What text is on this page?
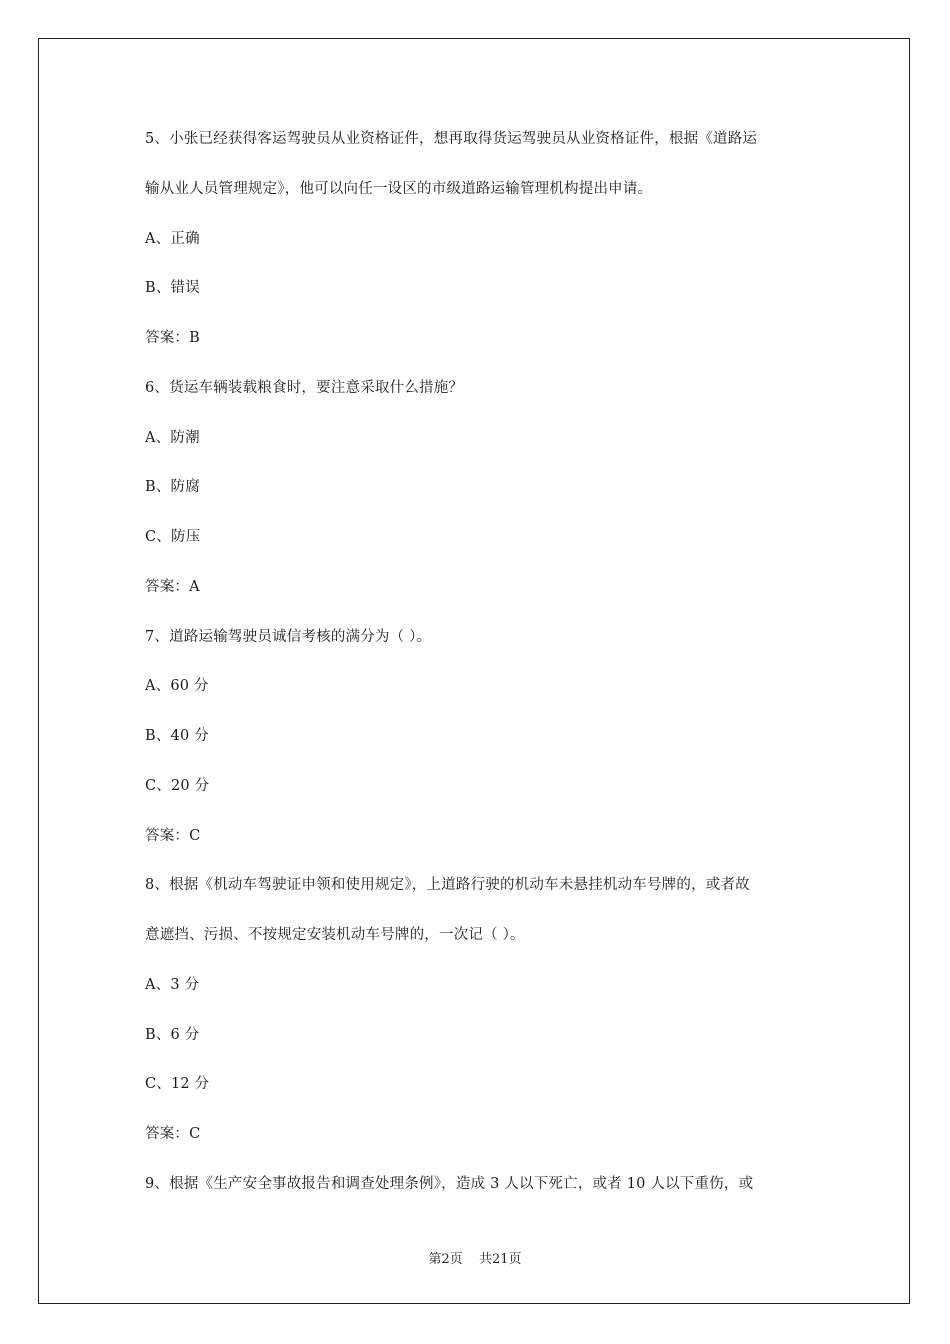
5、小张已经获得客运驾驶员从业资格证件，想再取得货运驾驶员从业资格证件，根据《道路运
输从业人员管理规定》，他可以向任一设区的市级道路运输管理机构提出申请。
A、正确
B、错误
答案：B
6、货运车辆装载粮食时，要注意采取什么措施？
A、防潮
B、防腐
C、防压
答案：A
7、道路运输驾驶员诚信考核的满分为（ ）。
A、60 分
B、40 分
C、20 分
答案：C
8、根据《机动车驾驶证申领和使用规定》，上道路行驶的机动车未悬挂机动车号牌的，或者故
意遮挡、污损、不按规定安装机动车号牌的，一次记（ ）。
A、3 分
B、6 分
C、12 分
答案：C
9、根据《生产安全事故报告和调查处理条例》，造成 3 人以下死亡，或者 10 人以下重伤，或
第2页 共21页
